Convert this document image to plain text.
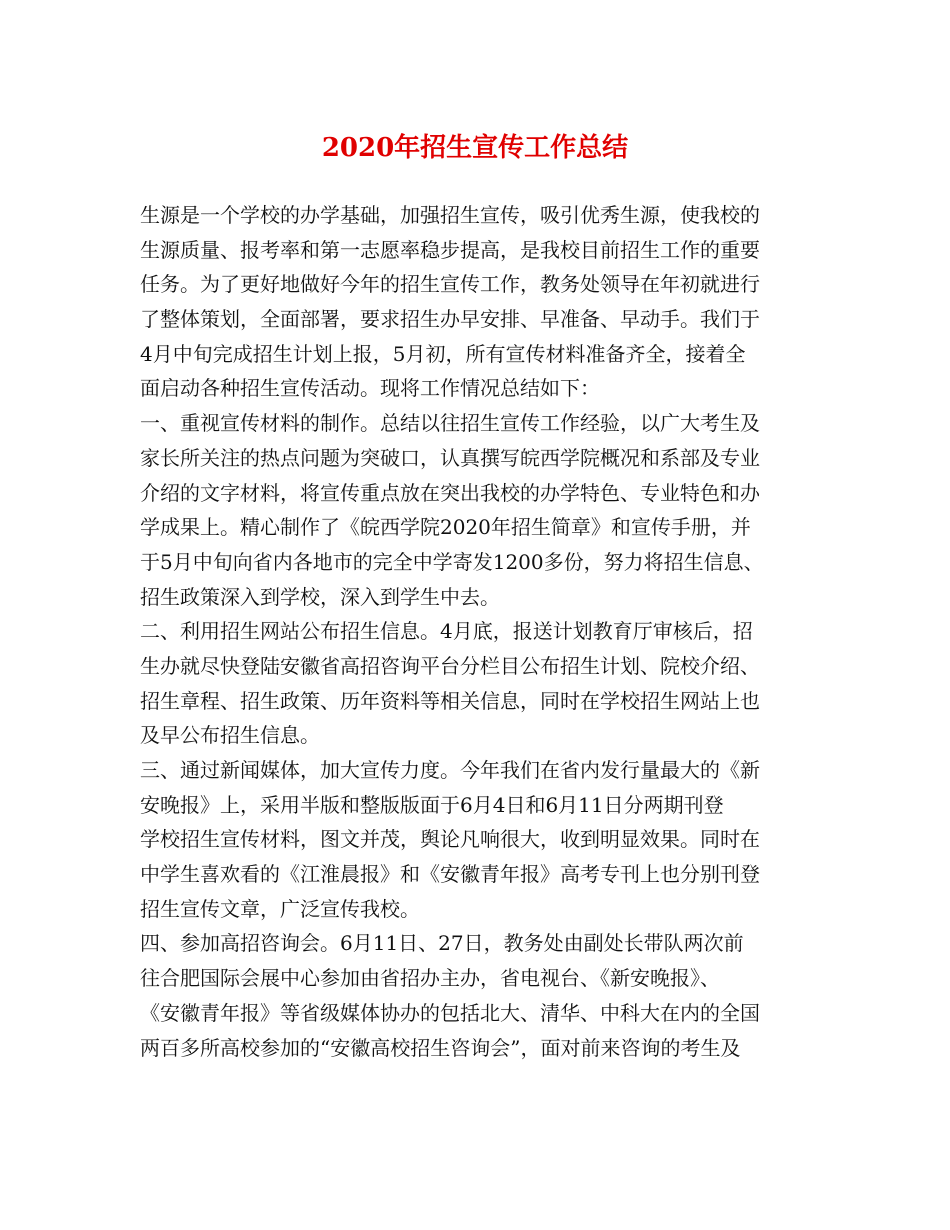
2020年招生宣传工作总结
生源是一个学校的办学基础，加强招生宣传，吸引优秀生源，使我校的
生源质量、报考率和第一志愿率稳步提高，是我校目前招生工作的重要
任务。为了更好地做好今年的招生宣传工作，教务处领导在年初就进行
了整体策划，全面部署，要求招生办早安排、早准备、早动手。我们于
4月中旬完成招生计划上报，5月初，所有宣传材料准备齐全，接着全
面启动各种招生宣传活动。现将工作情况总结如下：
一、重视宣传材料的制作。总结以往招生宣传工作经验，以广大考生及
家长所关注的热点问题为突破口，认真撰写皖西学院概况和系部及专业
介绍的文字材料，将宣传重点放在突出我校的办学特色、专业特色和办
学成果上。精心制作了《皖西学院2020年招生简章》和宣传手册，并
于5月中旬向省内各地市的完全中学寄发1200多份，努力将招生信息、
招生政策深入到学校，深入到学生中去。
二、利用招生网站公布招生信息。4月底，报送计划教育厅审核后，招
生办就尽快登陆安徽省高招咨询平台分栏目公布招生计划、院校介绍、
招生章程、招生政策、历年资料等相关信息，同时在学校招生网站上也
及早公布招生信息。
三、通过新闻媒体，加大宣传力度。今年我们在省内发行量最大的《新
安晚报》上，采用半版和整版版面于6月4日和6月11日分两期刊登
学校招生宣传材料，图文并茂，舆论凡响很大，收到明显效果。同时在
中学生喜欢看的《江淮晨报》和《安徽青年报》高考专刊上也分别刊登
招生宣传文章，广泛宣传我校。
四、参加高招咨询会。6月11日、27日，教务处由副处长带队两次前
往合肥国际会展中心参加由省招办主办，省电视台、《新安晚报》、
《安徽青年报》等省级媒体协办的包括北大、清华、中科大在内的全国
两百多所高校参加的“安徽高校招生咨询会”，面对前来咨询的考生及
